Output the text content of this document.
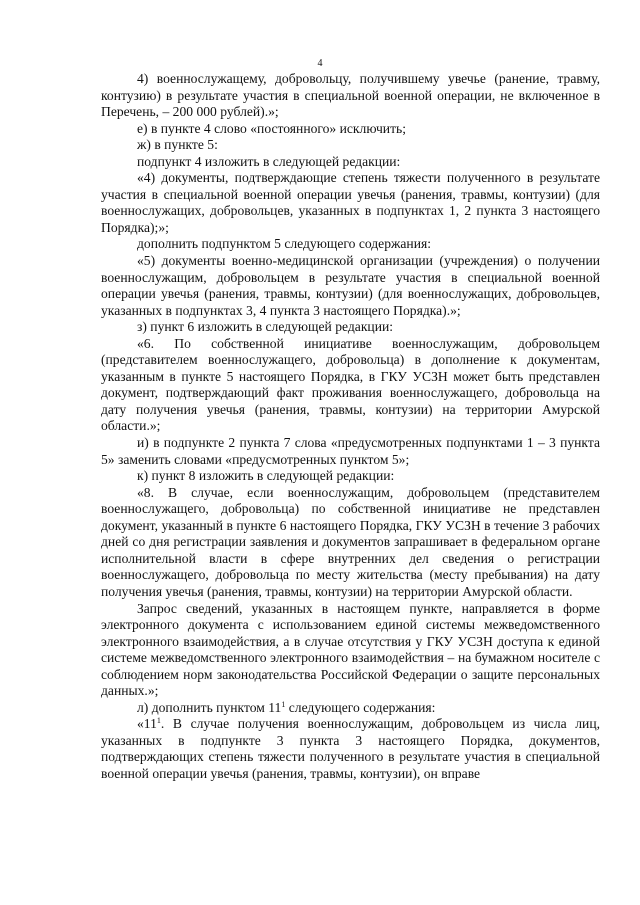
4

4) военнослужащему, добровольцу, получившему увечье (ранение, травму, контузию) в результате участия в специальной военной операции, не включенное в Перечень, – 200 000 рублей).»;

е) в пункте 4 слово «постоянного» исключить;

ж) в пункте 5:

подпункт 4 изложить в следующей редакции:

«4) документы, подтверждающие степень тяжести полученного в результате участия в специальной военной операции увечья (ранения, травмы, контузии) (для военнослужащих, добровольцев, указанных в подпунктах 1, 2 пункта 3 настоящего Порядка);»;

дополнить подпунктом 5 следующего содержания:

«5) документы военно-медицинской организации (учреждения) о получении военнослужащим, добровольцем в результате участия в специальной военной операции увечья (ранения, травмы, контузии) (для военнослужащих, добровольцев, указанных в подпунктах 3, 4 пункта 3 настоящего Порядка).»;

з) пункт 6 изложить в следующей редакции:

«6. По собственной инициативе военнослужащим, добровольцем (представителем военнослужащего, добровольца) в дополнение к документам, указанным в пункте 5 настоящего Порядка, в ГКУ УСЗН может быть представлен документ, подтверждающий факт проживания военнослужащего, добровольца на дату получения увечья (ранения, травмы, контузии) на территории Амурской области.»;

и) в подпункте 2 пункта 7 слова «предусмотренных подпунктами 1 – 3 пункта 5» заменить словами «предусмотренных пунктом 5»;

к) пункт 8 изложить в следующей редакции:

«8. В случае, если военнослужащим, добровольцем (представителем военнослужащего, добровольца) по собственной инициативе не представлен документ, указанный в пункте 6 настоящего Порядка, ГКУ УСЗН в течение 3 рабочих дней со дня регистрации заявления и документов запрашивает в федеральном органе исполнительной власти в сфере внутренних дел сведения о регистрации военнослужащего, добровольца по месту жительства (месту пребывания) на дату получения увечья (ранения, травмы, контузии) на территории Амурской области.

Запрос сведений, указанных в настоящем пункте, направляется в форме электронного документа с использованием единой системы межведомственного электронного взаимодействия, а в случае отсутствия у ГКУ УСЗН доступа к единой системе межведомственного электронного взаимодействия – на бумажном носителе с соблюдением норм законодательства Российской Федерации о защите персональных данных.»;

л) дополнить пунктом $11^1$ следующего содержания:

«$11^1$. В случае получения военнослужащим, добровольцем из числа лиц, указанных в подпункте 3 пункта 3 настоящего Порядка, документов, подтверждающих степень тяжести полученного в результате участия в специальной военной операции увечья (ранения, травмы, контузии), он вправе
